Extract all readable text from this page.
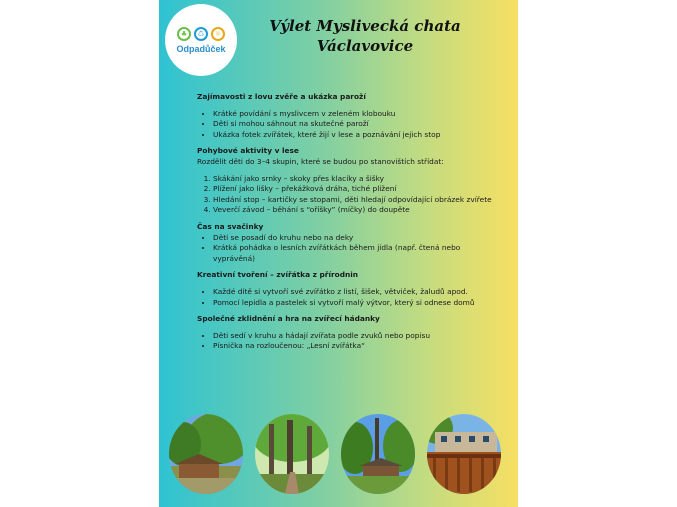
♣	♺	☼
Odpadůček
Výlet Myslivecká chata
Václavovice

Zajímavosti z lovu zvěře a ukázka paroží

• Krátké povídání s myslivcem v zeleném klobouku
• Děti si mohou sáhnout na skutečné paroží
• Ukázka fotek zvířátek, které žijí v lese a poznávání jejich stop

Pohybové aktivity v lese

Rozdělit děti do 3–4 skupin, které se budou po stanovištích střídat:

1. Skákání jako srnky – skoky přes klacíky a šišky
2. Plížení jako lišky – překážková dráha, tiché plížení
3. Hledání stop – kartičky se stopami, děti hledají odpovídající obrázek zvířete
4. Veverčí závod – běhání s “oříšky” (míčky) do doupěte

Čas na svačinky

• Děti se posadí do kruhu nebo na deky
• Krátká pohádka o lesních zvířátkách během jídla (např. čtená nebo vyprávěná)

Kreativní tvoření – zvířátka z přírodnin

• Každé dítě si vytvoří své zvířátko z listí, šišek, větviček, žaludů apod.
• Pomocí lepidla a pastelek si vytvoří malý výtvor, který si odnese domů

Společné zklidnění a hra na zvířecí hádanky

• Děti sedí v kruhu a hádají zvířata podle zvuků nebo popisu
• Písnička na rozloučenou: „Lesní zvířátka“
